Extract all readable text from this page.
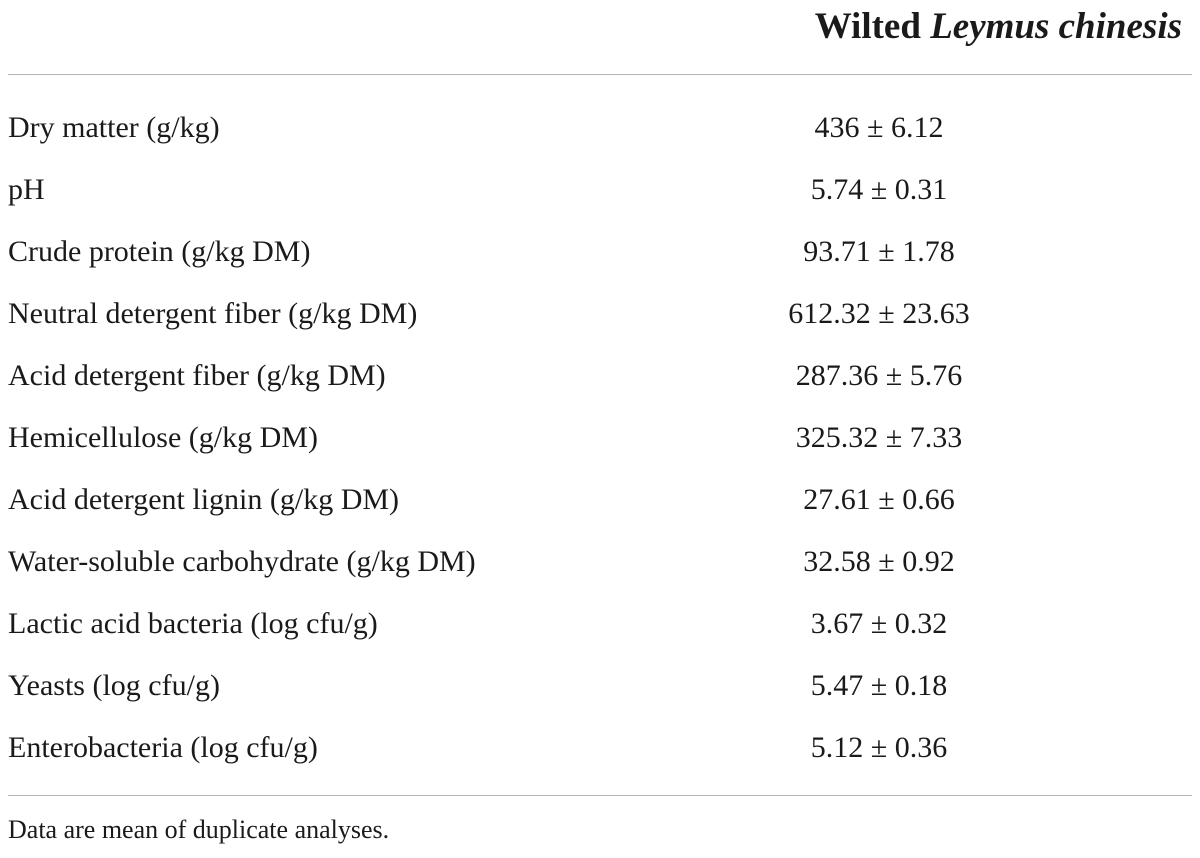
Wilted Leymus chinesis
Dry matter (g/kg)	436 ± 6.12
pH	5.74 ± 0.31
Crude protein (g/kg DM)	93.71 ± 1.78
Neutral detergent fiber (g/kg DM)	612.32 ± 23.63
Acid detergent fiber (g/kg DM)	287.36 ± 5.76
Hemicellulose (g/kg DM)	325.32 ± 7.33
Acid detergent lignin (g/kg DM)	27.61 ± 0.66
Water-soluble carbohydrate (g/kg DM)	32.58 ± 0.92
Lactic acid bacteria (log cfu/g)	3.67 ± 0.32
Yeasts (log cfu/g)	5.47 ± 0.18
Enterobacteria (log cfu/g)	5.12 ± 0.36
Data are mean of duplicate analyses.
